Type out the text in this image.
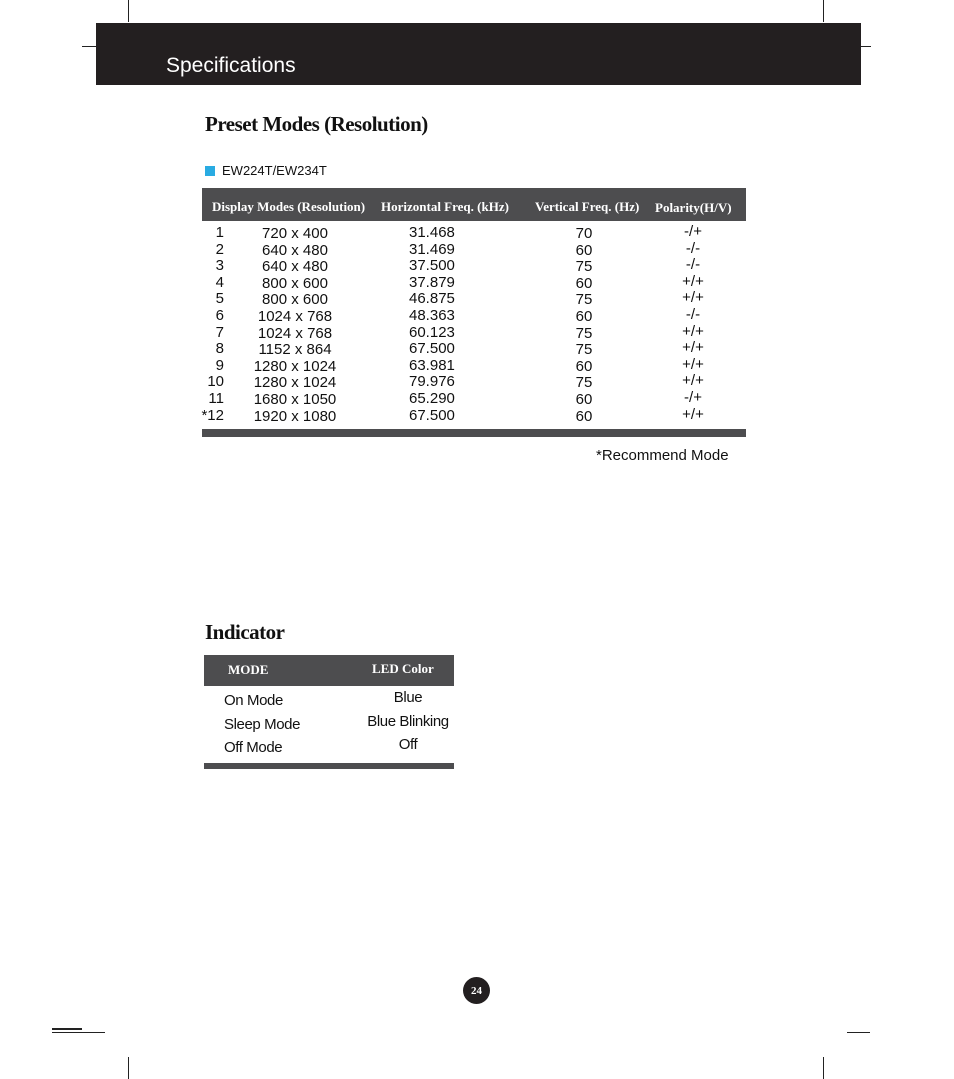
Specifications
Preset Modes (Resolution)
EW224T/EW234T
Display Modes (Resolution) Horizontal Freq. (kHz) Vertical Freq. (Hz) Polarity(H/V)
1
2
3
4
5
6
7
8
9
10
11
*12
720 x 400
640 x 480
640 x 480
800 x 600
800 x 600
1024 x 768
1024 x 768
1152 x 864
1280 x 1024
1280 x 1024
1680 x 1050
1920 x 1080
31.468
31.469
37.500
37.879
46.875
48.363
60.123
67.500
63.981
79.976
65.290
67.500
70
60
75
60
75
60
75
75
60
75
60
60
-/+
-/-
-/-
+/+
+/+
-/-
+/+
+/+
+/+
+/+
-/+
+/+
*Recommend Mode
Indicator
MODE	LED Color
On Mode
Sleep Mode
Off Mode
Blue
Blue Blinking
Off
24
